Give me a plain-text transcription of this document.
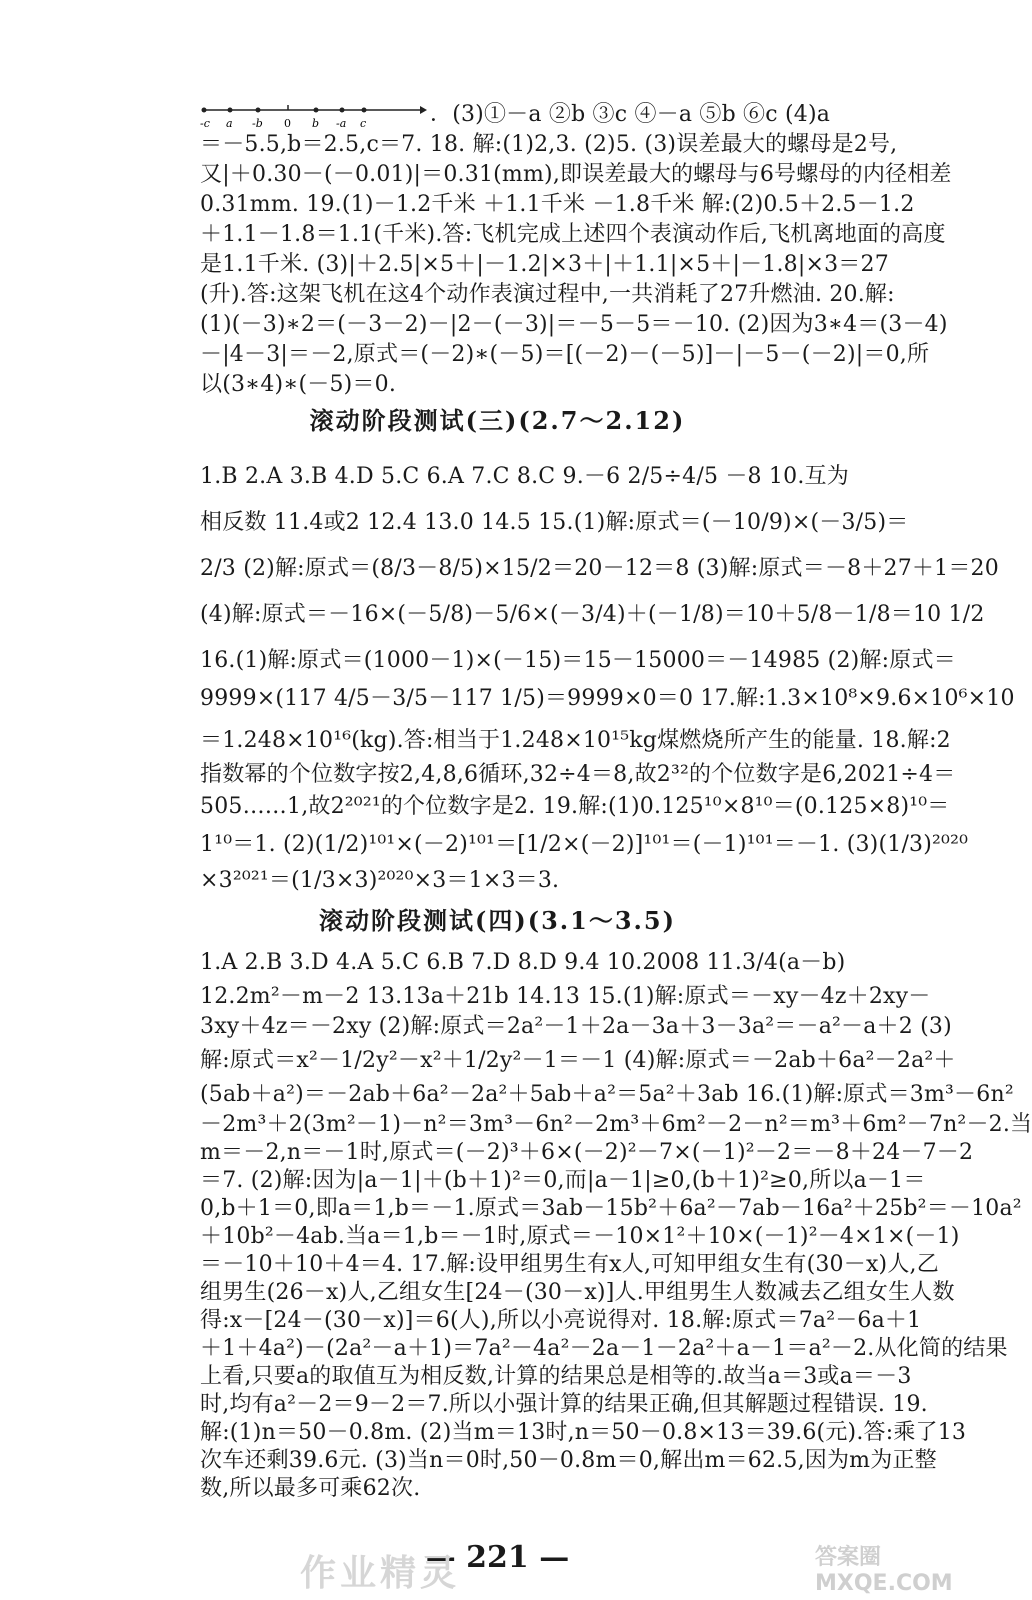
-c a -b 0 b -a c	．(3)①－a ②b ③c ④－a ⑤b ⑥c (4)a
＝－5.5,b＝2.5,c＝7. 18. 解:(1)2,3. (2)5. (3)误差最大的螺母是2号,
又|＋0.30－(－0.01)|＝0.31(mm),即误差最大的螺母与6号螺母的内径相差
0.31mm. 19.(1)－1.2千米 ＋1.1千米 －1.8千米 解:(2)0.5＋2.5－1.2
＋1.1－1.8＝1.1(千米).答:飞机完成上述四个表演动作后,飞机离地面的高度
是1.1千米. (3)|＋2.5|×5＋|－1.2|×3＋|＋1.1|×5＋|－1.8|×3＝27
(升).答:这架飞机在这4个动作表演过程中,一共消耗了27升燃油. 20.解:
(1)(－3)∗2＝(－3－2)－|2－(－3)|＝－5－5＝－10. (2)因为3∗4＝(3－4)
－|4－3|＝－2,原式＝(－2)∗(－5)＝[(－2)－(－5)]－|－5－(－2)|＝0,所
以(3∗4)∗(－5)＝0.
滚动阶段测试(三)(2.7～2.12)
1.B 2.A 3.B 4.D 5.C 6.A 7.C 8.C 9.－6 2/5÷4/5 －8 10.互为
相反数 11.4或2 12.4 13.0 14.5 15.(1)解:原式＝(－10/9)×(－3/5)＝
2/3 (2)解:原式＝(8/3－8/5)×15/2＝20－12＝8 (3)解:原式＝－8＋27＋1＝20
(4)解:原式＝－16×(－5/8)－5/6×(－3/4)＋(－1/8)＝10＋5/8－1/8＝10 1/2
16.(1)解:原式＝(1000－1)×(－15)＝15－15000＝－14985 (2)解:原式＝
9999×(117 4/5－3/5－117 1/5)＝9999×0＝0 17.解:1.3×10⁸×9.6×10⁶×10
＝1.248×10¹⁶(kg).答:相当于1.248×10¹⁵kg煤燃烧所产生的能量. 18.解:2
指数幂的个位数字按2,4,8,6循环,32÷4＝8,故2³²的个位数字是6,2021÷4＝
505……1,故2²⁰²¹的个位数字是2. 19.解:(1)0.125¹⁰×8¹⁰＝(0.125×8)¹⁰＝
1¹⁰＝1. (2)(1/2)¹⁰¹×(－2)¹⁰¹＝[1/2×(－2)]¹⁰¹＝(－1)¹⁰¹＝－1. (3)(1/3)²⁰²⁰
×3²⁰²¹＝(1/3×3)²⁰²⁰×3＝1×3＝3.
滚动阶段测试(四)(3.1～3.5)
1.A 2.B 3.D 4.A 5.C 6.B 7.D 8.D 9.4 10.2008 11.3/4(a－b)
12.2m²－m－2 13.13a＋21b 14.13 15.(1)解:原式＝－xy－4z＋2xy－
3xy＋4z＝－2xy (2)解:原式＝2a²－1＋2a－3a＋3－3a²＝－a²－a＋2 (3)
解:原式＝x²－1/2y²－x²＋1/2y²－1＝－1 (4)解:原式＝－2ab＋6a²－2a²＋
(5ab＋a²)＝－2ab＋6a²－2a²＋5ab＋a²＝5a²＋3ab 16.(1)解:原式＝3m³－6n²
－2m³＋2(3m²－1)－n²＝3m³－6n²－2m³＋6m²－2－n²＝m³＋6m²－7n²－2.当
m＝－2,n＝－1时,原式＝(－2)³＋6×(－2)²－7×(－1)²－2＝－8＋24－7－2
＝7. (2)解:因为|a－1|＋(b＋1)²＝0,而|a－1|≥0,(b＋1)²≥0,所以a－1＝
0,b＋1＝0,即a＝1,b＝－1.原式＝3ab－15b²＋6a²－7ab－16a²＋25b²＝－10a²
＋10b²－4ab.当a＝1,b＝－1时,原式＝－10×1²＋10×(－1)²－4×1×(－1)
＝－10＋10＋4＝4. 17.解:设甲组男生有x人,可知甲组女生有(30－x)人,乙
组男生(26－x)人,乙组女生[24－(30－x)]人.甲组男生人数减去乙组女生人数
得:x－[24－(30－x)]＝6(人),所以小亮说得对. 18.解:原式＝7a²－6a＋1
＋1＋4a²)－(2a²－a＋1)＝7a²－4a²－2a－1－2a²＋a－1＝a²－2.从化简的结果
上看,只要a的取值互为相反数,计算的结果总是相等的.故当a＝3或a＝－3
时,均有a²－2＝9－2＝7.所以小强计算的结果正确,但其解题过程错误. 19.
解:(1)n＝50－0.8m. (2)当m＝13时,n＝50－0.8×13＝39.6(元).答:乘了13
次车还剩39.6元. (3)当n＝0时,50－0.8m＝0,解出m＝62.5,因为m为正整
数,所以最多可乘62次.
— 221 —
作业精灵	答案圈 MXQE.COM
